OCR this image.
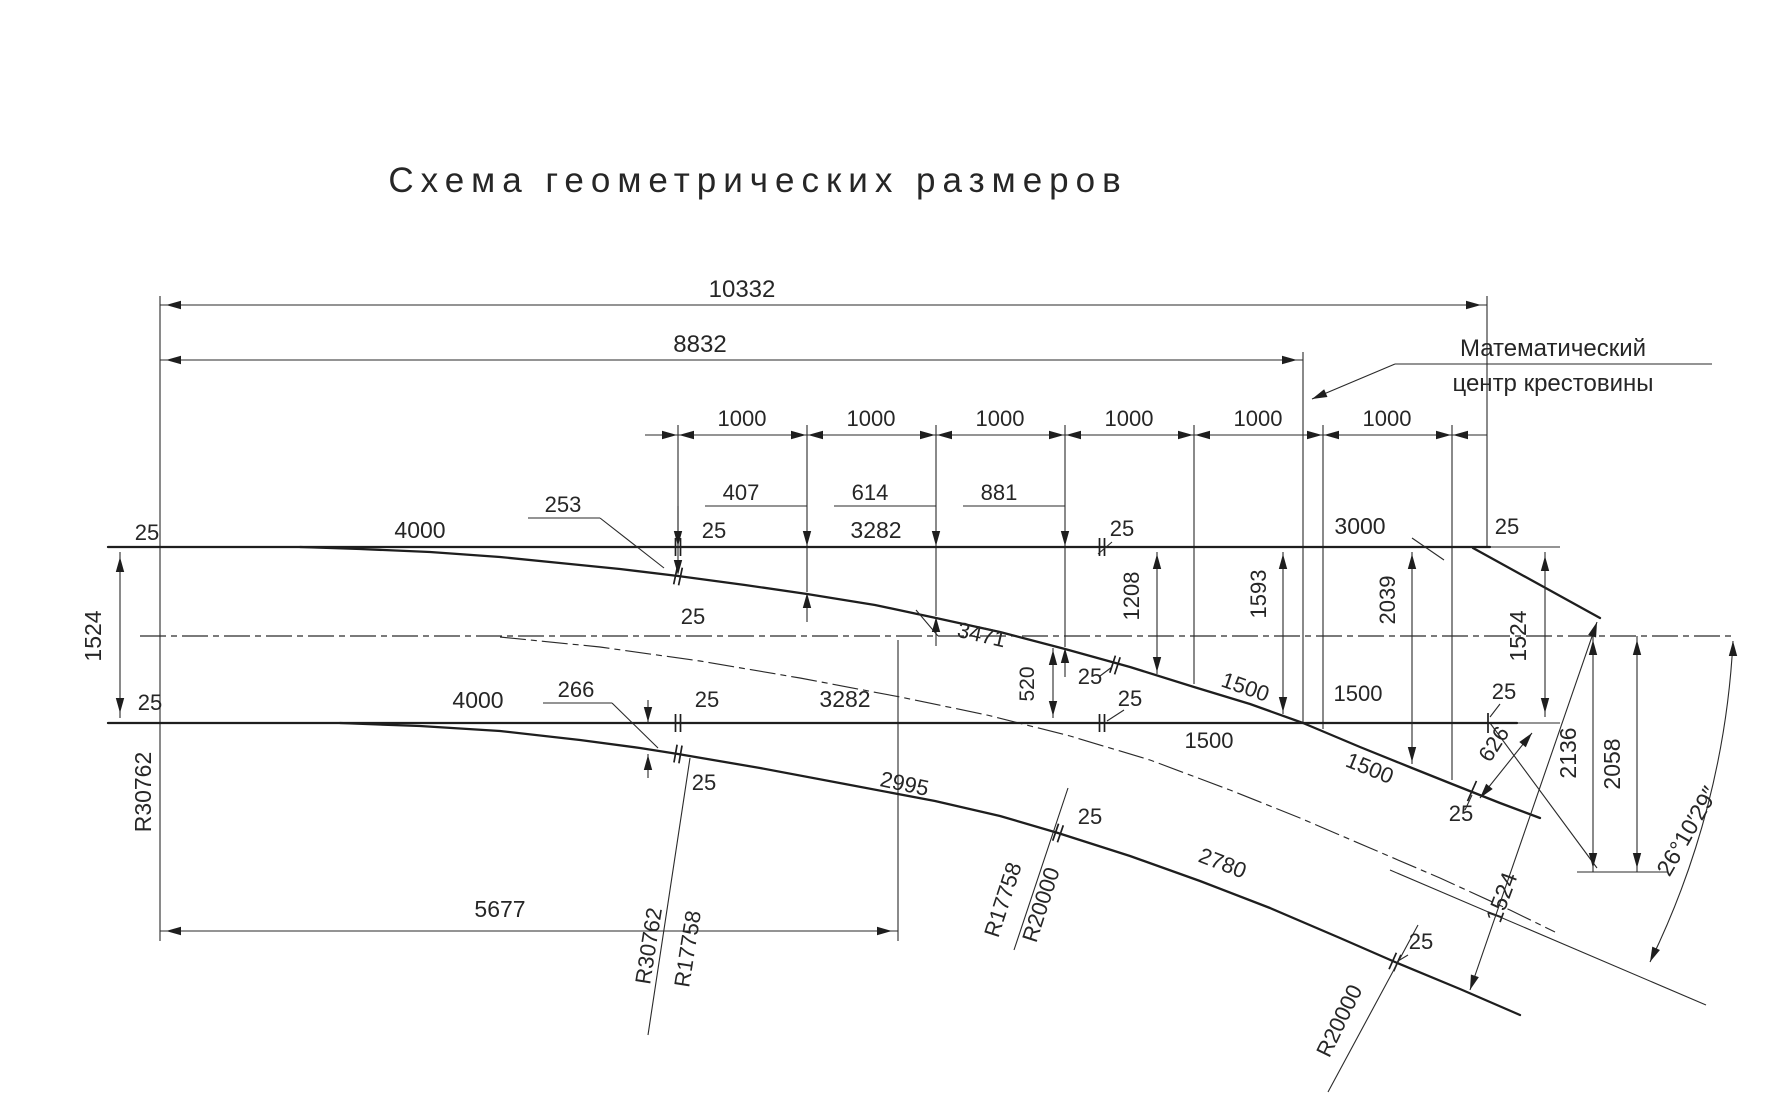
Схема геометрических размеров
10332
8832	Математический
центр крестовины
1000	1000	1000	1000	1000	1000
253	407	614	881
1208	1593	2039
266	520
25	4000	25	3282	25	3000	25
25	4000	25	3282	25	1500	25
1500
25
3471
25	1500
1500
25
25	2995
25
2780
25
R30762 R17758
R17758
R20000
R20000
1524
R30762
5677
1524
626 2136 2058
1524
26°10′29″
